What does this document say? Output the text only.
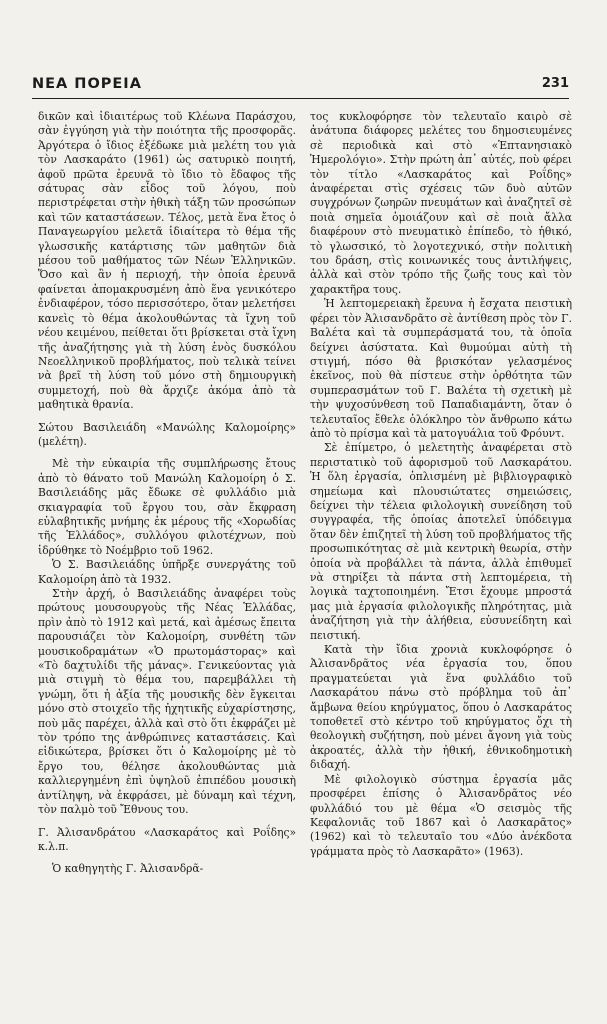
ΝΕΑ ΠΟΡΕΙΑ	231

δικῶν καὶ ἰδιαιτέρως τοῦ Κλέωνα Παράσχου, σὰν ἐγγύηση γιὰ τὴν ποιότητα τῆς προσφορᾶς. Ἀργότερα ὁ ἴδιος ἐξέδωκε μιὰ μελέτη του γιὰ τὸν Λασκαράτο (1961) ὡς σατυρικὸ ποιητή, ἀφοῦ πρῶτα ἐρευνᾶ τὸ ἴδιο τὸ ἔδαφος τῆς σάτυρας σὰν εἶδος τοῦ λόγου, ποὺ περιστρέφεται στὴν ἠθικὴ τάξη τῶν προσώπων καὶ τῶν καταστάσεων. Τέλος, μετὰ ἕνα ἔτος ὁ Παναγεωργίου μελετᾶ ἰδιαίτερα τὸ θέμα τῆς γλωσσικῆς κατάρτισης τῶν μαθητῶν διὰ μέσου τοῦ μαθήματος τῶν Νέων Ἑλληνικῶν. Ὅσο καὶ ἂν ἡ περιοχή, τὴν ὁποία ἐρευνᾶ φαίνεται ἀπομακρυσμένη ἀπὸ ἕνα γενικότερο ἐνδιαφέρον, τόσο περισσότερο, ὅταν μελετήσει κανεὶς τὸ θέμα ἀκολουθώντας τὰ ἴχνη τοῦ νέου κειμένου, πείθεται ὅτι βρίσκεται στὰ ἴχνη τῆς ἀναζήτησης γιὰ τὴ λύση ἑνὸς δυσκόλου Νεοελληνικοῦ προβλήματος, ποὺ τελικὰ τείνει νὰ βρεῖ τὴ λύση τοῦ μόνο στὴ δημιουργικὴ συμμετοχή, ποὺ θὰ ἄρχιζε ἀκόμα ἀπὸ τὰ μαθητικὰ θρανία.

Σώτου Βασιλειάδη «Μανώλης Καλομοίρης» (μελέτη).

Μὲ τὴν εὐκαιρία τῆς συμπλήρωσης ἔτους ἀπὸ τὸ θάνατο τοῦ Μανώλη Καλομοίρη ὁ Σ. Βασιλειάδης μᾶς ἔδωκε σὲ φυλλάδιο μιὰ σκιαγραφία τοῦ ἔργου του, σὰν ἔκφραση εὐλαβητικῆς μνήμης ἐκ μέρους τῆς «Χορωδίας τῆς Ἑλλάδος», συλλόγου φιλοτέχνων, ποὺ ἱδρύθηκε τὸ Νοέμβριο τοῦ 1962.

Ὁ Σ. Βασιλειάδης ὑπῆρξε συνεργάτης τοῦ Καλομοίρη ἀπὸ τὰ 1932.

Στὴν ἀρχή, ὁ Βασιλειάδης ἀναφέρει τοὺς πρώτους μουσουργοὺς τῆς Νέας Ἑλλάδας, πρὶν ἀπὸ τὸ 1912 καὶ μετά, καὶ ἀμέσως ἔπειτα παρουσιάζει τὸν Καλομοίρη, συνθέτη τῶν μουσικοδραμάτων «Ὁ πρωτομάστορας» καὶ «Τὸ δαχτυλίδι τῆς μάνας». Γενικεύοντας γιὰ μιὰ στιγμὴ τὸ θέμα του, παρεμβάλλει τὴ γνώμη, ὅτι ἡ ἀξία τῆς μουσικῆς δὲν ἔγκειται μόνο στὸ στοιχεῖο τῆς ἠχητικῆς εὐχαρίστησης, ποὺ μᾶς παρέχει, ἀλλὰ καὶ στὸ ὅτι ἐκφράζει μὲ τὸν τρόπο της ἀνθρώπινες καταστάσεις. Καὶ εἰδικώτερα, βρίσκει ὅτι ὁ Καλομοίρης μὲ τὸ ἔργο του, θέλησε ἀκολουθώντας μιὰ καλλιεργημένη ἐπὶ ὑψηλοῦ ἐπιπέδου μουσικὴ ἀντίληψη, νὰ ἐκφράσει, μὲ δύναμη καὶ τέχνη, τὸν παλμὸ τοῦ Ἔθνους του.

Γ. Ἀλισανδράτου «Λασκαράτος καὶ Ροΐδης» κ.λ.π.

Ὁ καθηγητὴς Γ. Ἀλισανδρᾶ-

τος κυκλοφόρησε τὸν τελευταῖο καιρὸ σὲ ἀνάτυπα διάφορες μελέτες του δημοσιευμένες σὲ περιοδικὰ καὶ στὸ «Ἑπτανησιακὸ Ἡμερολόγιο». Στὴν πρώτη ἀπ᾽ αὐτές, ποὺ φέρει τὸν τίτλο «Λασκαράτος καὶ Ροΐδης» ἀναφέρεται στὶς σχέσεις τῶν δυὸ αὐτῶν συγχρόνων ζωηρῶν πνευμάτων καὶ ἀναζητεῖ σὲ ποιὰ σημεῖα ὁμοιάζουν καὶ σὲ ποιὰ ἄλλα διαφέρουν στὸ πνευματικὸ ἐπίπεδο, τὸ ἠθικό, τὸ γλωσσικό, τὸ λογοτεχνικό, στὴν πολιτικὴ του δράση, στὶς κοινωνικές τους ἀντιλήψεις, ἀλλὰ καὶ στὸν τρόπο τῆς ζωῆς τους καὶ τὸν χαρακτῆρα τους.

Ἡ λεπτομερειακὴ ἔρευνα ἡ ἔσχατα πειστικὴ φέρει τὸν Ἀλισανδρᾶτο σὲ ἀντίθεση πρὸς τὸν Γ. Βαλέτα καὶ τὰ συμπεράσματά του, τὰ ὁποῖα δείχνει ἀσύστατα. Καὶ θυμούμαι αὐτὴ τὴ στιγμή, πόσο θὰ βρισκόταν γελασμένος ἐκεῖνος, ποὺ θὰ πίστευε στὴν ὀρθότητα τῶν συμπερασμάτων τοῦ Γ. Βαλέτα τὴ σχετικὴ μὲ τὴν ψυχοσύνθεση τοῦ Παπαδιαμάντη, ὅταν ὁ τελευταῖος ἔθελε ὁλόκληρο τὸν ἄνθρωπο κάτω ἀπὸ τὸ πρίσμα καὶ τὰ ματογυάλια τοῦ Φρόυντ.

Σὲ ἐπίμετρο, ὁ μελετητὴς ἀναφέρεται στὸ περιστατικὸ τοῦ ἀφορισμοῦ τοῦ Λασκαράτου. Ἡ ὅλη ἐργασία, ὁπλισμένη μὲ βιβλιογραφικὸ σημείωμα καὶ πλουσιώτατες σημειώσεις, δείχνει τὴν τέλεια φιλολογικὴ συνείδηση τοῦ συγγραφέα, τῆς ὁποίας ἀποτελεῖ ὑπόδειγμα ὅταν δὲν ἐπιζητεῖ τὴ λύση τοῦ προβλήματος τῆς προσωπικότητας σὲ μιὰ κεντρικὴ θεωρία, στὴν ὁποία νὰ προβάλλει τὰ πάντα, ἀλλὰ ἐπιθυμεῖ νὰ στηρίξει τὰ πάντα στὴ λεπτομέρεια, τὴ λογικὰ ταχτοποιημένη. Ἔτσι ἔχουμε μπροστά μας μιὰ ἐργασία φιλολογικῆς πληρότητας, μιὰ ἀναζήτηση γιὰ τὴν ἀλήθεια, εὐσυνείδητη καὶ πειστική.

Κατὰ τὴν ἴδια χρονιὰ κυκλοφόρησε ὁ Ἀλισανδρᾶτος νέα ἐργασία του, ὅπου πραγματεύεται γιὰ ἕνα φυλλάδιο τοῦ Λασκαράτου πάνω στὸ πρόβλημα τοῦ ἀπ᾽ ἄμβωνα θείου κηρύγματος, ὅπου ὁ Λασκαράτος τοποθετεῖ στὸ κέντρο τοῦ κηρύγματος ὄχι τὴ θεολογικὴ συζήτηση, ποὺ μένει ἄγονη γιὰ τοὺς ἀκροατές, ἀλλὰ τὴν ἠθική, ἐθνικοδημοτικὴ διδαχή.

Μὲ φιλολογικὸ σύστημα ἐργασία μᾶς προσφέρει ἐπίσης ὁ Ἀλισανδρᾶτος νέο φυλλάδιό του μὲ θέμα «Ὁ σεισμὸς τῆς Κεφαλονιᾶς τοῦ 1867 καὶ ὁ Λασκαρᾶτος» (1962) καὶ τὸ τελευταῖο του «Δύο ἀνέκδοτα γράμματα πρὸς τὸ Λασκαρᾶτο» (1963).
